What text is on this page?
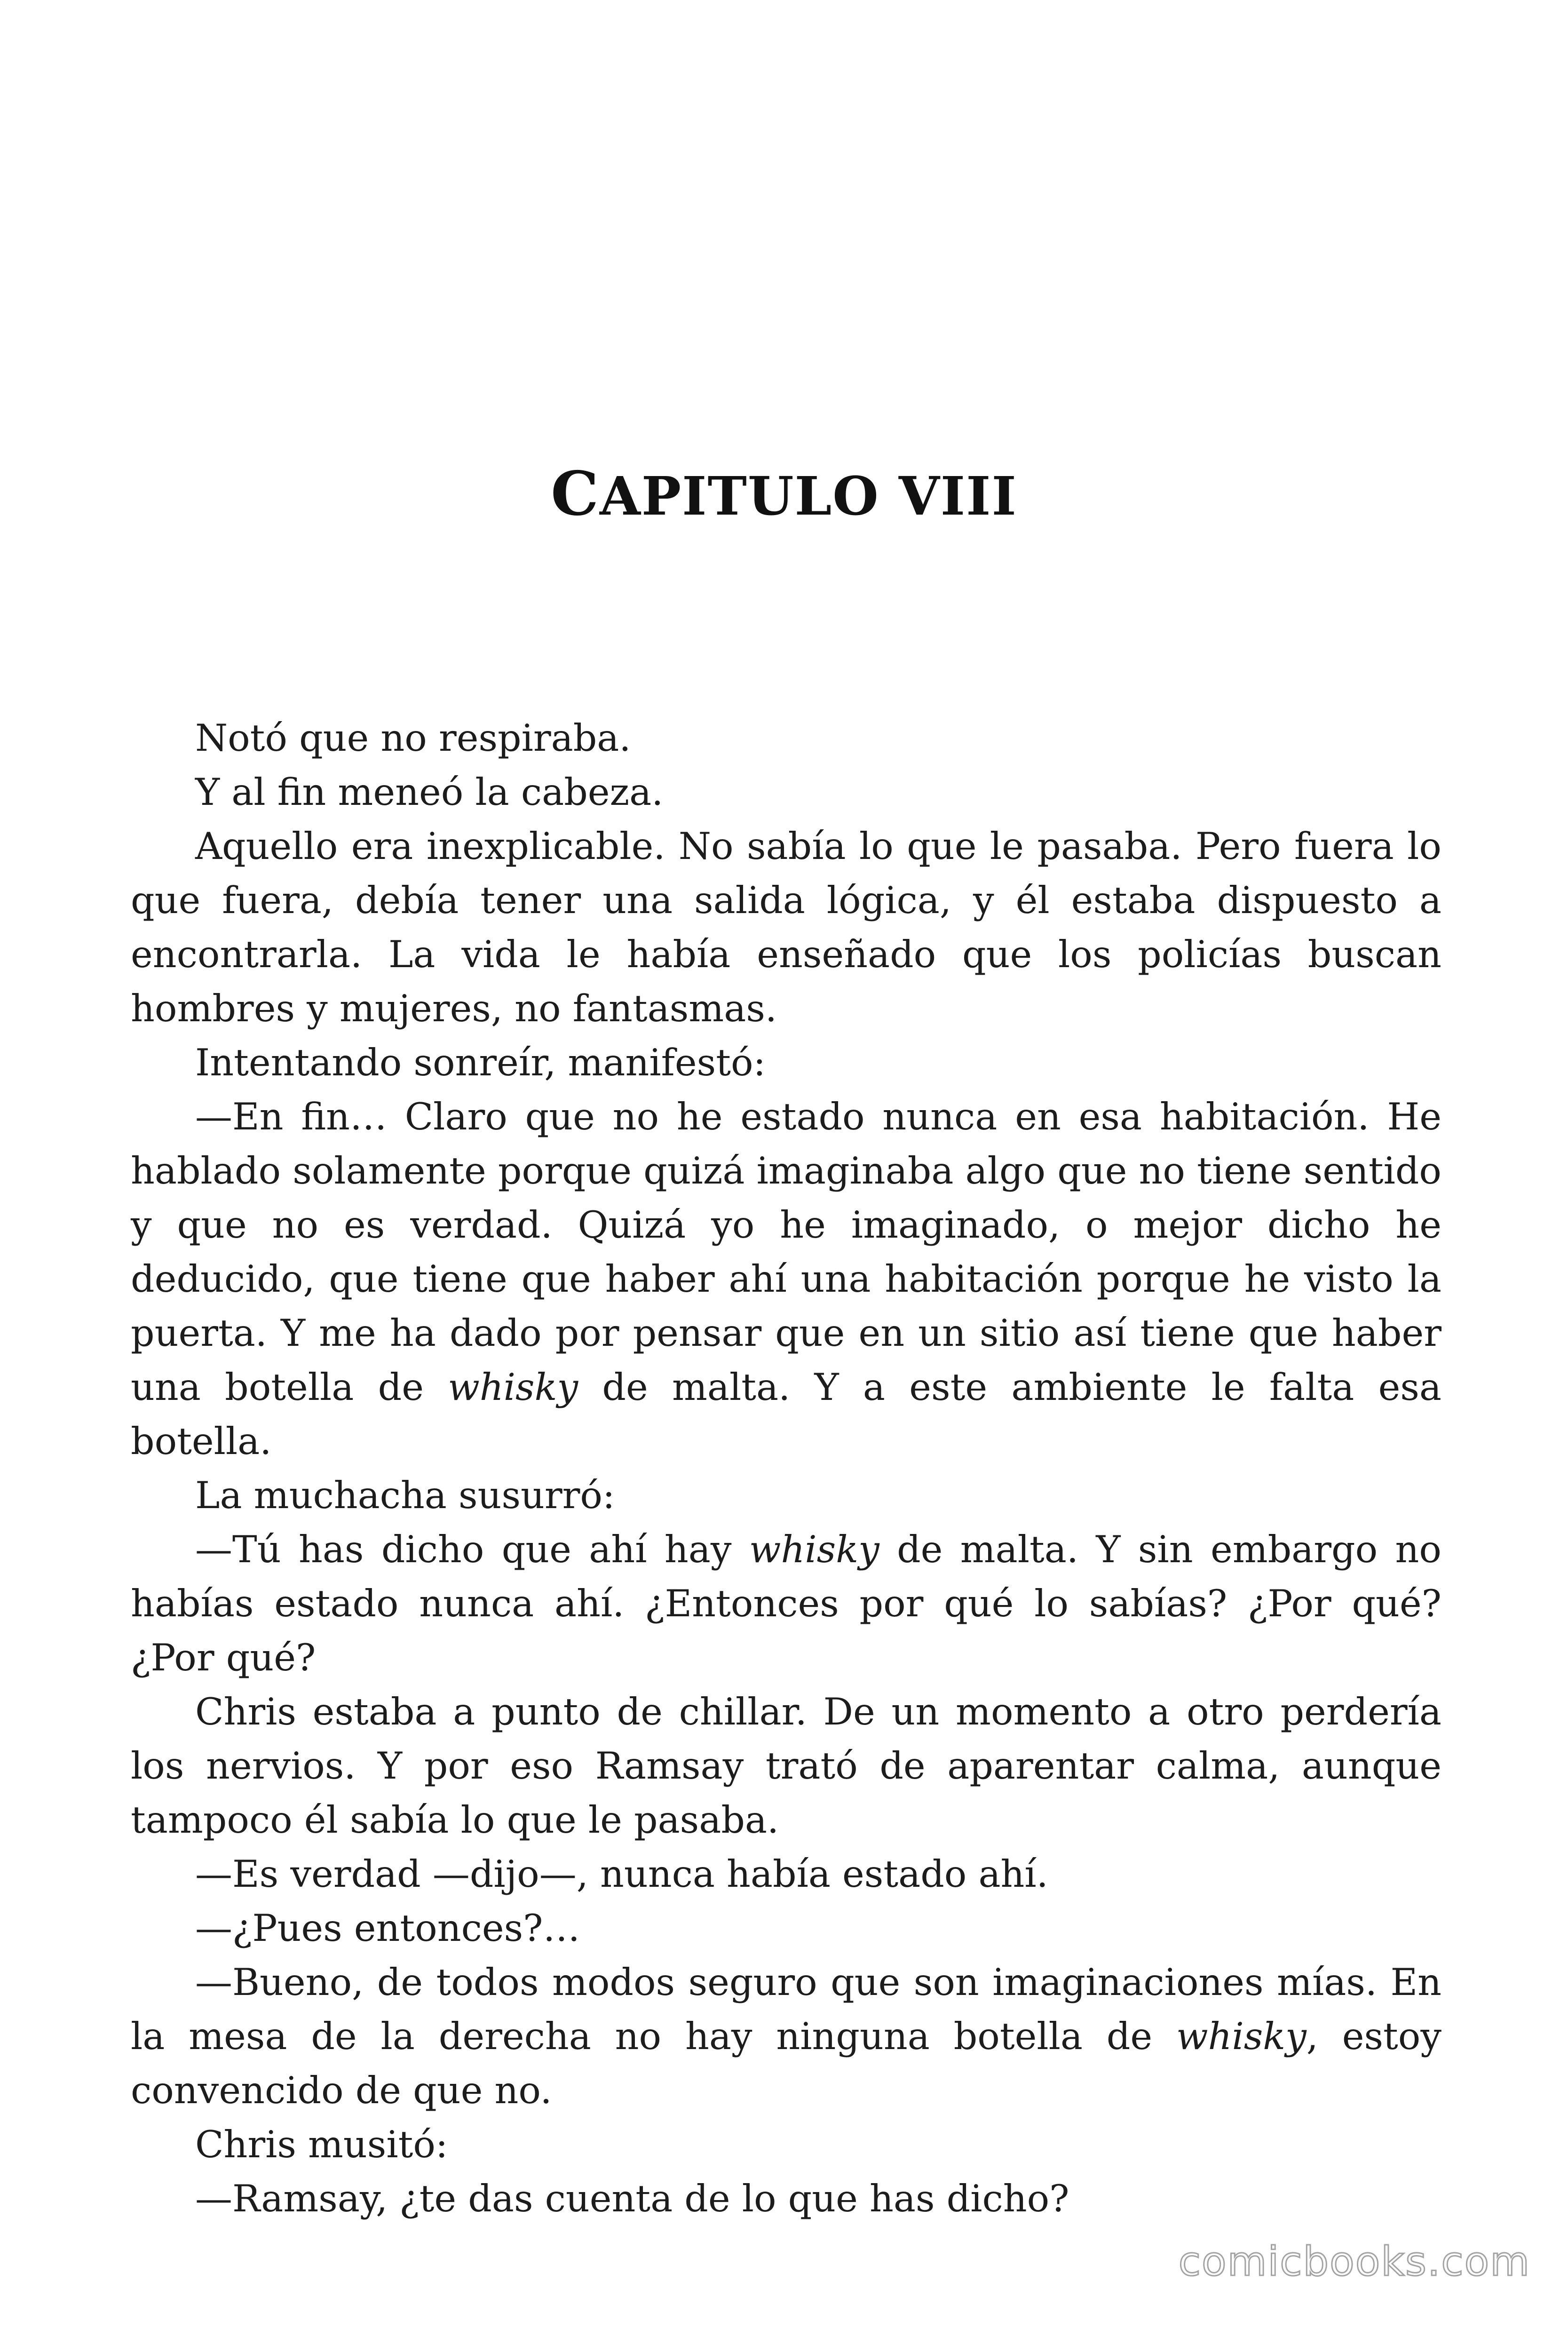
CAPITULO VIII

Notó que no respiraba.

Y al fin meneó la cabeza.

Aquello era inexplicable. No sabía lo que le pasaba. Pero fuera lo que fuera, debía tener una salida lógica, y él estaba dispuesto a encontrarla. La vida le había enseñado que los policías buscan hombres y mujeres, no fantasmas.

Intentando sonreír, manifestó:

—En fin… Claro que no he estado nunca en esa habitación. He hablado solamente porque quizá imaginaba algo que no tiene sentido y que no es verdad. Quizá yo he imaginado, o mejor dicho he deducido, que tiene que haber ahí una habitación porque he visto la puerta. Y me ha dado por pensar que en un sitio así tiene que haber una botella de whisky de malta. Y a este ambiente le falta esa botella.

La muchacha susurró:

—Tú has dicho que ahí hay whisky de malta. Y sin embargo no habías estado nunca ahí. ¿Entonces por qué lo sabías? ¿Por qué? ¿Por qué?

Chris estaba a punto de chillar. De un momento a otro perdería los nervios. Y por eso Ramsay trató de aparentar calma, aunque tampoco él sabía lo que le pasaba.

—Es verdad —dijo—, nunca había estado ahí.

—¿Pues entonces?…

—Bueno, de todos modos seguro que son imaginaciones mías. En la mesa de la derecha no hay ninguna botella de whisky, estoy convencido de que no.

Chris musitó:

—Ramsay, ¿te das cuenta de lo que has dicho?

comicbooks.com
